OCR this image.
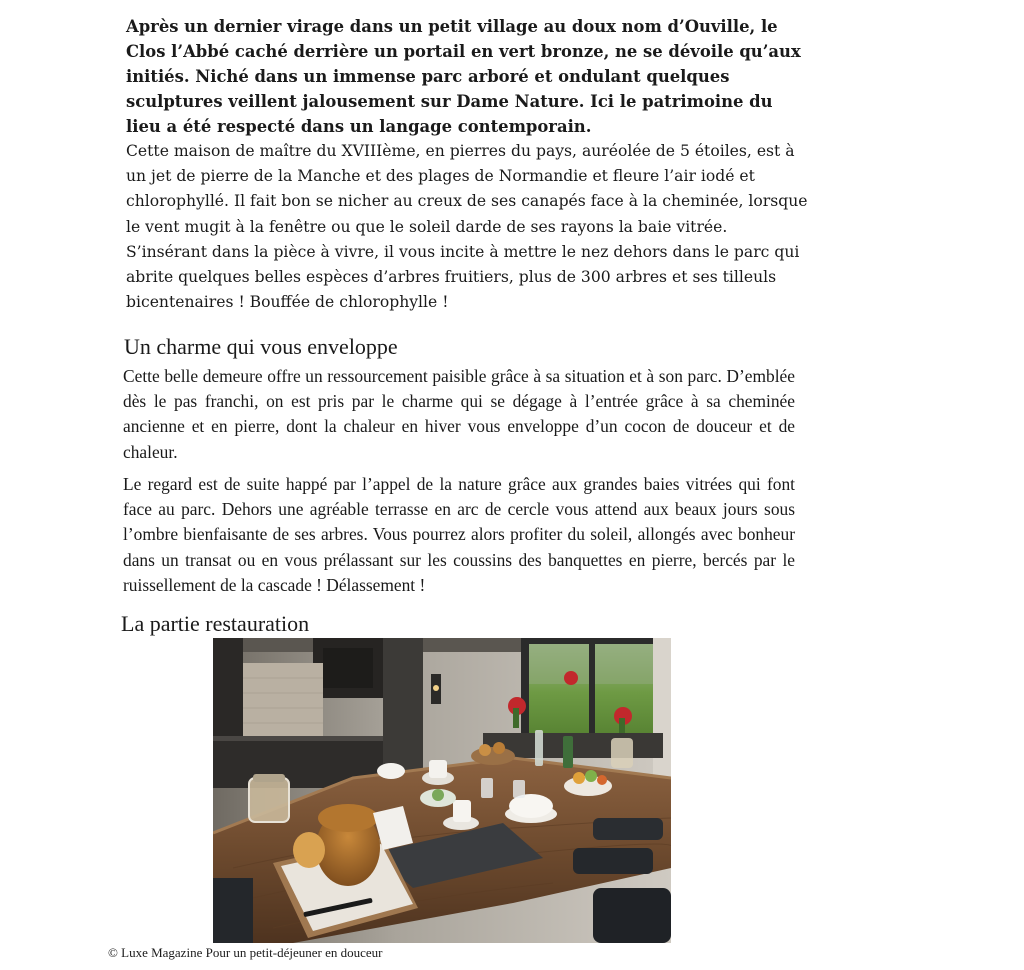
Après un dernier virage dans un petit village au doux nom d’Ouville, le
Clos l’Abbé caché derrière un portail en vert bronze, ne se dévoile qu’aux
initiés. Niché dans un immense parc arboré et ondulant quelques
sculptures veillent jalousement sur Dame Nature. Ici le patrimoine du
lieu a été respecté dans un langage contemporain.

Cette maison de maître du XVIIIème, en pierres du pays, auréolée de 5 étoiles, est à
un jet de pierre de la Manche et des plages de Normandie et fleure l’air iodé et
chlorophyllé. Il fait bon se nicher au creux de ses canapés face à la cheminée, lorsque
le vent mugit à la fenêtre ou que le soleil darde de ses rayons la baie vitrée.
S’insérant dans la pièce à vivre, il vous incite à mettre le nez dehors dans le parc qui
abrite quelques belles espèces d’arbres fruitiers, plus de 300 arbres et ses tilleuls
bicentenaires ! Bouffée de chlorophylle !

Un charme qui vous enveloppe

Cette belle demeure offre un ressourcement paisible grâce à sa situation et à son parc. D’emblée dès le pas franchi, on est pris par le charme qui se dégage à l’entrée grâce à sa cheminée ancienne et en pierre, dont la chaleur en hiver vous enveloppe d’un cocon de douceur et de chaleur.

Le regard est de suite happé par l’appel de la nature grâce aux grandes baies vitrées qui font face au parc. Dehors une agréable terrasse en arc de cercle vous attend aux beaux jours sous l’ombre bienfaisante de ses arbres. Vous pourrez alors profiter du soleil, allongés avec bonheur dans un transat ou en vous prélassant sur les coussins des banquettes en pierre, bercés par le ruissellement de la cascade ! Délassement !

La partie restauration

© Luxe Magazine Pour un petit-déjeuner en douceur
